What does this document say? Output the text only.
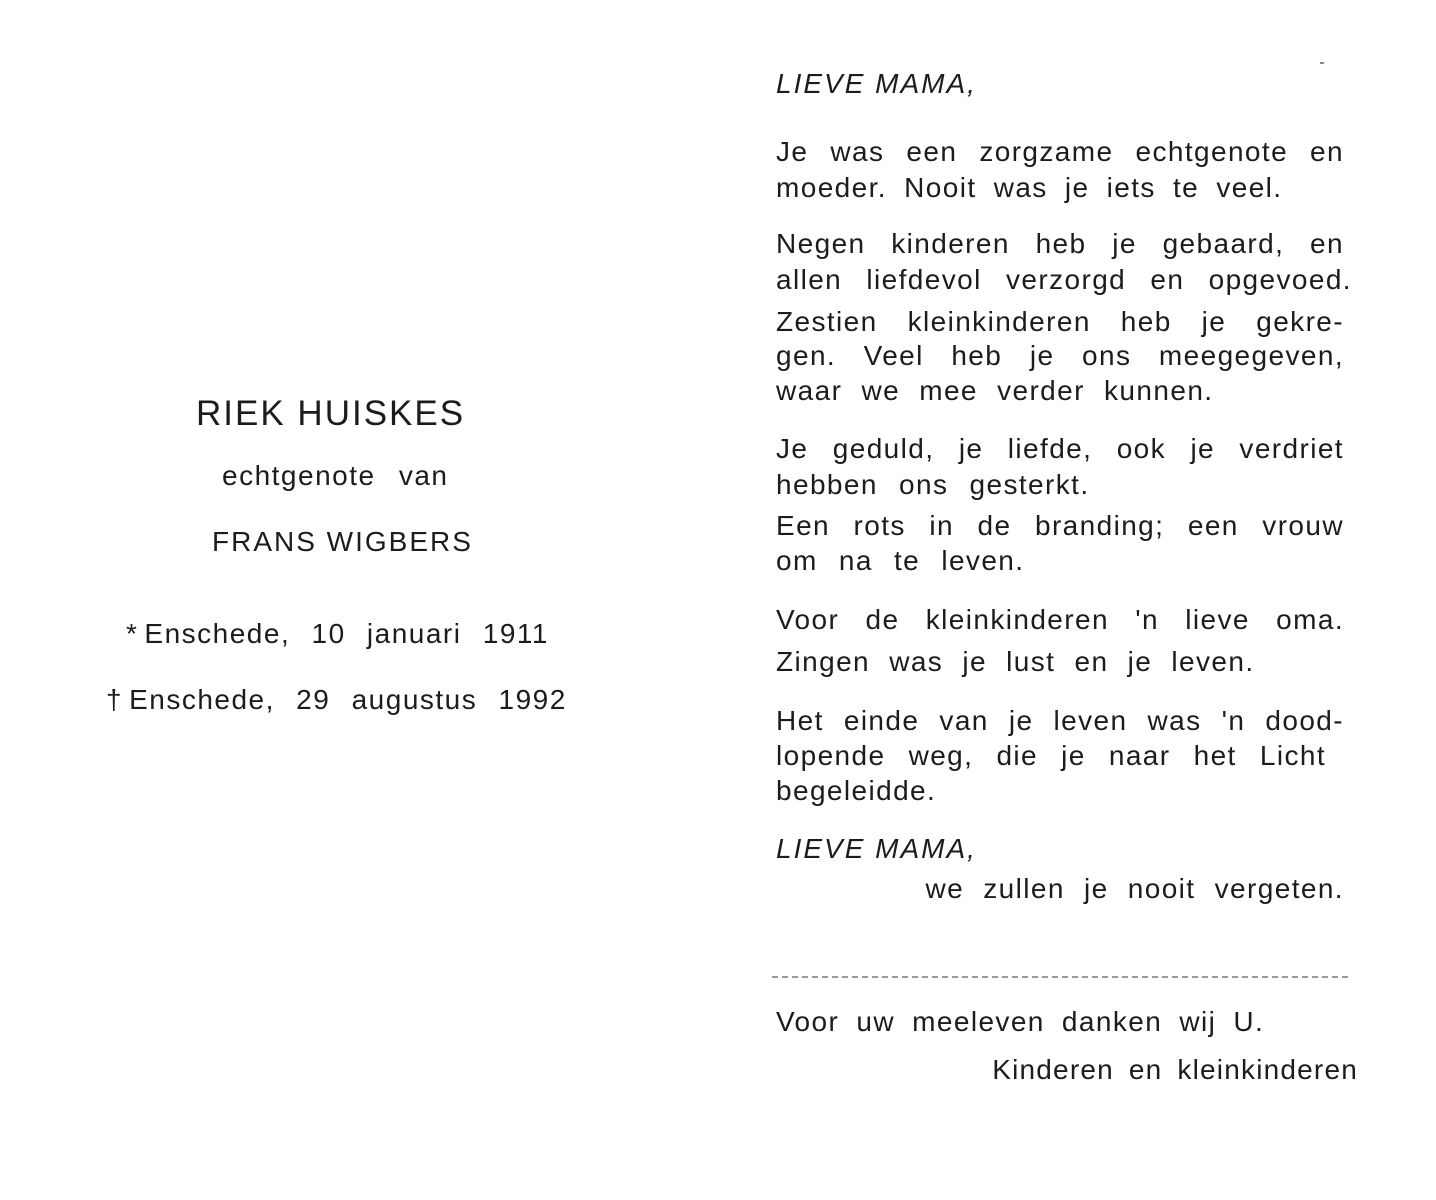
RIEK HUISKES
echtgenote van
FRANS WIGBERS
* Enschede, 10 januari 1911
† Enschede, 29 augustus 1992
LIEVE MAMA,
Je was een zorgzame echtgenote en
moeder. Nooit was je iets te veel.
Negen kinderen heb je gebaard, en
allen liefdevol verzorgd en opgevoed.
Zestien kleinkinderen heb je gekre-
gen. Veel heb je ons meegegeven,
waar we mee verder kunnen.
Je geduld, je liefde, ook je verdriet
hebben ons gesterkt.
Een rots in de branding; een vrouw
om na te leven.
Voor de kleinkinderen 'n lieve oma.
Zingen was je lust en je leven.
Het einde van je leven was 'n dood-
lopende weg, die je naar het Licht
begeleidde.
LIEVE MAMA,
we zullen je nooit vergeten.
Voor uw meeleven danken wij U.
Kinderen en kleinkinderen
